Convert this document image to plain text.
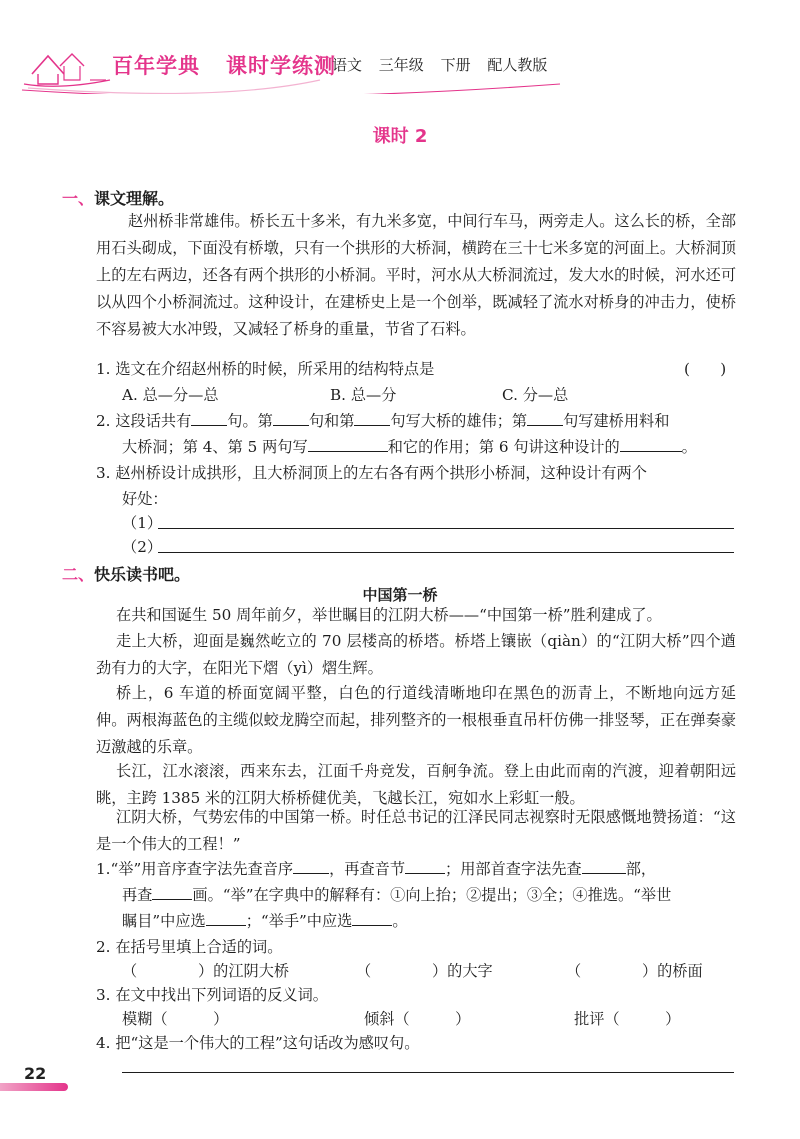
百年学典 课时学练测
语文 三年级 下册 配人教版
课时 2
一、课文理解。
赵州桥非常雄伟。桥长五十多米，有九米多宽，中间行车马，两旁走人。这么长的桥，全部用石头砌成，下面没有桥墩，只有一个拱形的大桥洞，横跨在三十七米多宽的河面上。大桥洞顶上的左右两边，还各有两个拱形的小桥洞。平时，河水从大桥洞流过，发大水的时候，河水还可以从四个小桥洞流过。这种设计，在建桥史上是一个创举，既减轻了流水对桥身的冲击力，使桥不容易被大水冲毁，又减轻了桥身的重量，节省了石料。
1. 选文在介绍赵州桥的时候，所采用的结构特点是	(　　)
A. 总—分—总	B. 总—分	C. 分—总
2. 这段话共有 句。第 句和第 句写大桥的雄伟；第 句写建桥用料和
大桥洞；第 4、第 5 两句写	和它的作用；第 6 句讲这种设计的	。
3. 赵州桥设计成拱形，且大桥洞顶上的左右各有两个拱形小桥洞，这种设计有两个
好处：
（1）
（2）
二、快乐读书吧。
中国第一桥
在共和国诞生 50 周年前夕，举世瞩目的江阴大桥——“中国第一桥”胜利建成了。
走上大桥，迎面是巍然屹立的 70 层楼高的桥塔。桥塔上镶嵌（qiàn）的“江阴大桥”四个遒劲有力的大字，在阳光下熠（yì）熠生辉。
桥上，6 车道的桥面宽阔平整，白色的行道线清晰地印在黑色的沥青上，不断地向远方延伸。两根海蓝色的主缆似蛟龙腾空而起，排列整齐的一根根垂直吊杆仿佛一排竖琴，正在弹奏豪迈激越的乐章。
长江，江水滚滚，西来东去，江面千舟竞发，百舸争流。登上由此而南的汽渡，迎着朝阳远眺，主跨 1385 米的江阴大桥桥健优美，飞越长江，宛如水上彩虹一般。
江阴大桥，气势宏伟的中国第一桥。时任总书记的江泽民同志视察时无限感慨地赞扬道：“这是一个伟大的工程！”
1.“举”用音序查字法先查音序 ，再查音节	；用部首查字法先查	部，
再查	画。“举”在字典中的解释有：①向上抬；②提出；③全；④推选。“举世
瞩目”中应选	；“举手”中应选	。
2. 在括号里填上合适的词。
（　　　　）的江阴大桥	（　　　　）的大字	（　　　　）的桥面
3. 在文中找出下列词语的反义词。
模糊（　　　）	倾斜（　　　）	批评（　　　）
4. 把“这是一个伟大的工程”这句话改为感叹句。
22
